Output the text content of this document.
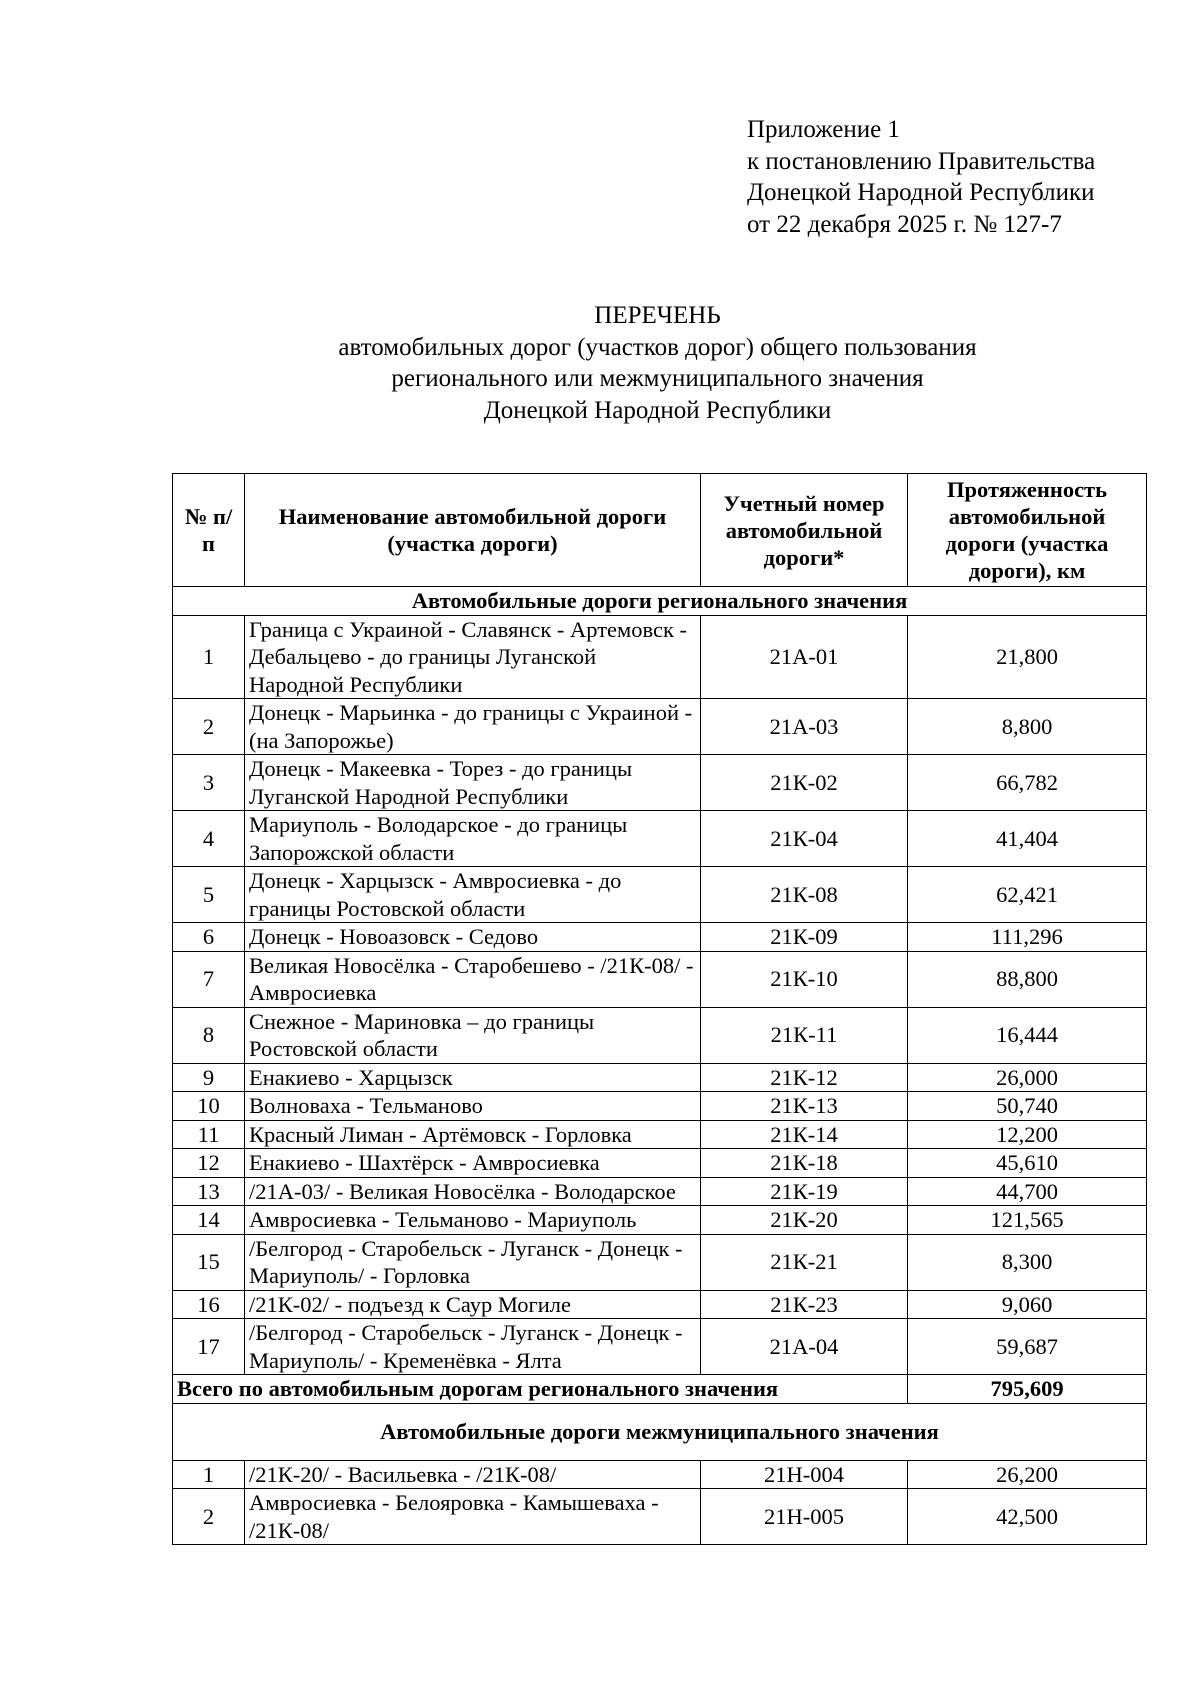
Приложение 1
к постановлению Правительства
Донецкой Народной Республики
от 22 декабря 2025 г. № 127-7
ПЕРЕЧЕНЬ
автомобильных дорог (участков дорог) общего пользования
регионального или межмуниципального значения
Донецкой Народной Республики
№ п/п	Наименование автомобильной дороги (участка дороги)	Учетный номер автомобильной дороги*	Протяженность автомобильной дороги (участка дороги), км
Автомобильные дороги регионального значения			
1	Граница с Украиной - Славянск - Артемовск - Дебальцево - до границы Луганской Народной Республики	21А-01	21,800
2	Донецк - Марьинка - до границы с Украиной - (на Запорожье)	21А-03	8,800
3	Донецк - Макеевка - Торез - до границы Луганской Народной Республики	21К-02	66,782
4	Мариуполь - Володарское - до границы Запорожской области	21К-04	41,404
5	Донецк - Харцызск - Амвросиевка - до границы Ростовской области	21К-08	62,421
6	Донецк - Новоазовск - Седово	21К-09	111,296
7	Великая Новосёлка - Старобешево - /21К-08/ - Амвросиевка	21К-10	88,800
8	Снежное - Мариновка – до границы Ростовской области	21К-11	16,444
9	Енакиево - Харцызск	21К-12	26,000
10	Волноваха - Тельманово	21К-13	50,740
11	Красный Лиман - Артёмовск - Горловка	21К-14	12,200
12	Енакиево - Шахтёрск - Амвросиевка	21К-18	45,610
13	/21А-03/ - Великая Новосёлка - Володарское	21К-19	44,700
14	Амвросиевка - Тельманово - Мариуполь	21К-20	121,565
15	/Белгород - Старобельск - Луганск - Донецк - Мариуполь/ - Горловка	21К-21	8,300
16	/21К-02/ - подъезд к Саур Могиле	21К-23	9,060
17	/Белгород - Старобельск - Луганск - Донецк - Мариуполь/ - Кременёвка - Ялта	21А-04	59,687
Всего по автомобильным дорогам регионального значения			795,609
Автомобильные дороги межмуниципального значения			
1	/21К-20/ - Васильевка - /21К-08/	21Н-004	26,200
2	Амвросиевка - Белояровка - Камышеваха - /21К-08/	21Н-005	42,500
